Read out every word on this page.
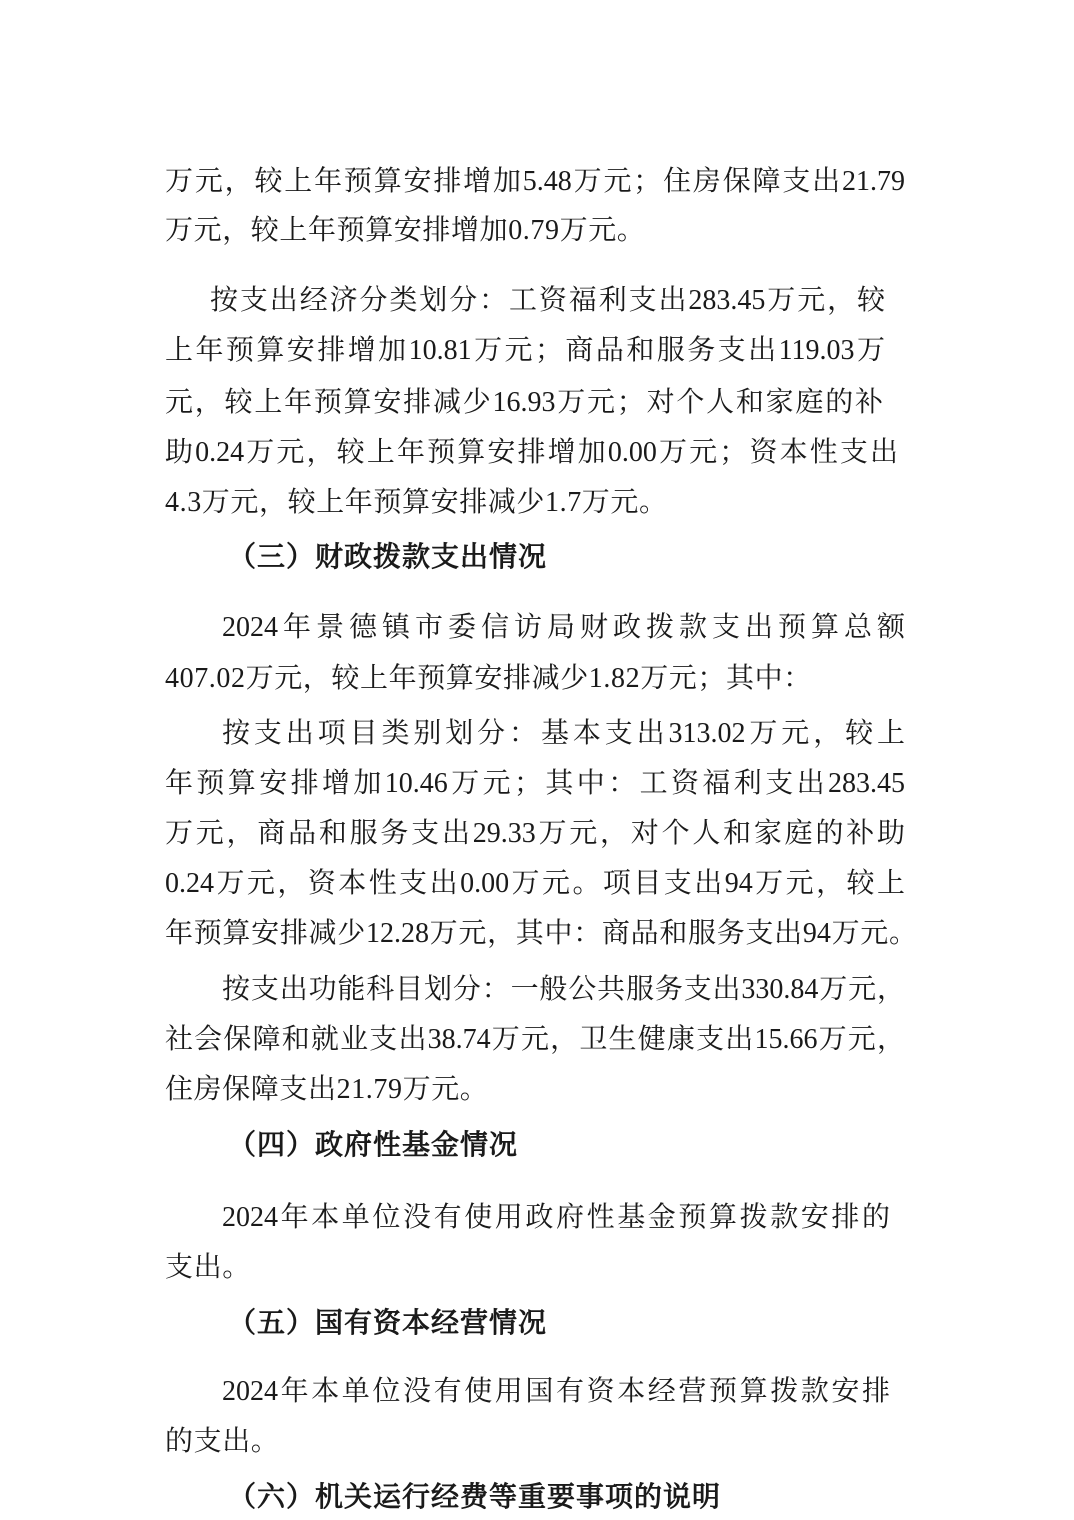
万元，较上年预算安排增加5.48万元；住房保障支出21.79
万元，较上年预算安排增加0.79万元。
按支出经济分类划分：工资福利支出283.45万元，较
上年预算安排增加10.81万元；商品和服务支出119.03万
元，较上年预算安排减少16.93万元；对个人和家庭的补
助0.24万元，较上年预算安排增加0.00万元；资本性支出
4.3万元，较上年预算安排减少1.7万元。
（三）财政拨款支出情况
2024年景德镇市委信访局财政拨款支出预算总额
407.02万元，较上年预算安排减少1.82万元；其中：
按支出项目类别划分：基本支出313.02万元，较上
年预算安排增加10.46万元；其中：工资福利支出283.45
万元，商品和服务支出29.33万元，对个人和家庭的补助
0.24万元，资本性支出0.00万元。项目支出94万元，较上
年预算安排减少12.28万元，其中：商品和服务支出94万元。
按支出功能科目划分：一般公共服务支出330.84万元，
社会保障和就业支出38.74万元，卫生健康支出15.66万元，
住房保障支出21.79万元。
（四）政府性基金情况
2024年本单位没有使用政府性基金预算拨款安排的
支出。
（五）国有资本经营情况
2024年本单位没有使用国有资本经营预算拨款安排
的支出。
（六）机关运行经费等重要事项的说明
